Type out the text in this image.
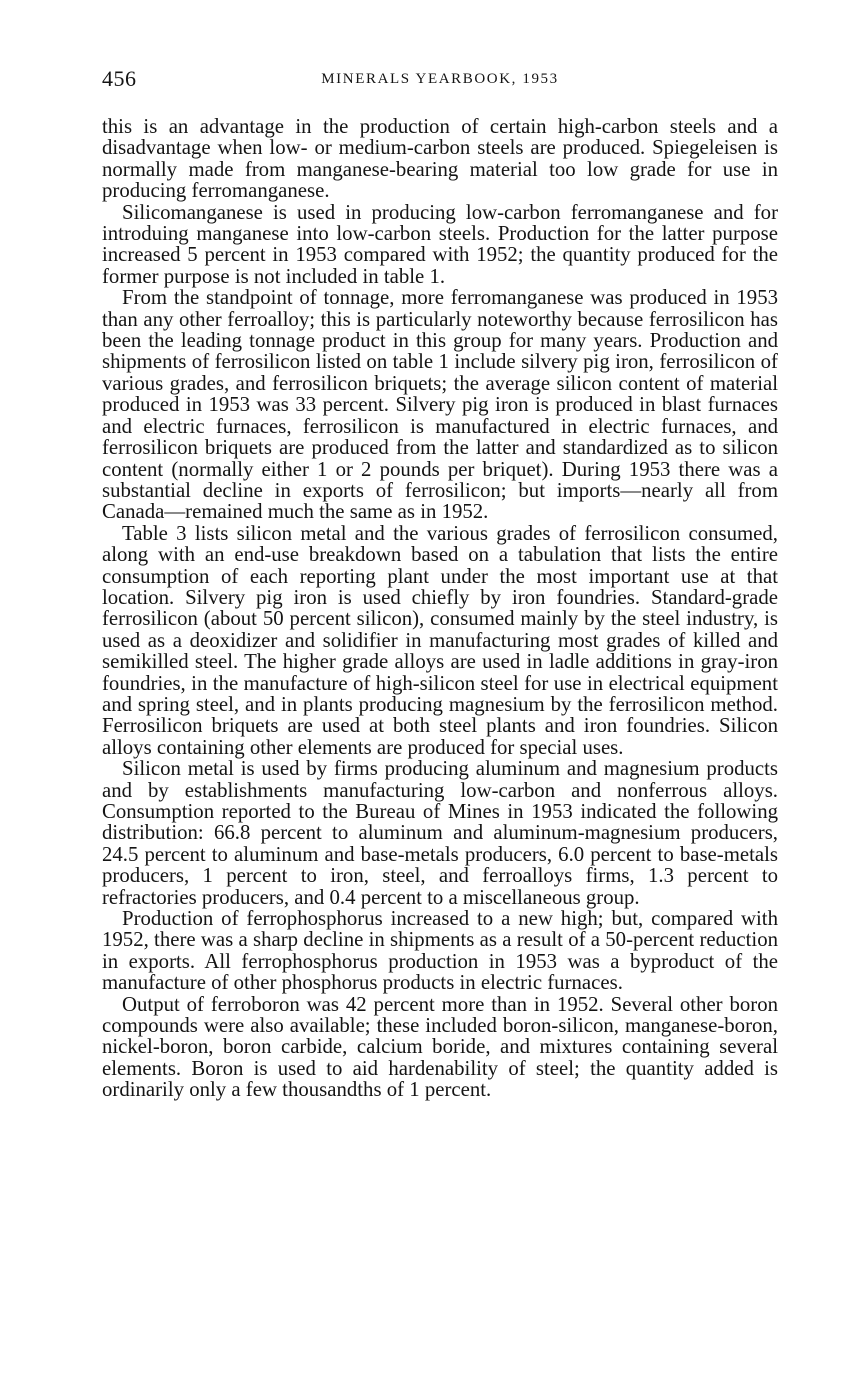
456	MINERALS YEARBOOK, 1953

this is an advantage in the production of certain high-carbon steels and a disadvantage when low- or medium-carbon steels are produced. Spiegeleisen is normally made from manganese-bearing material too low grade for use in producing ferromanganese.

Silicomanganese is used in producing low-carbon ferromanganese and for introduing manganese into low-carbon steels. Production for the latter purpose increased 5 percent in 1953 compared with 1952; the quantity produced for the former purpose is not included in table 1.

From the standpoint of tonnage, more ferromanganese was produced in 1953 than any other ferroalloy; this is particularly noteworthy because ferrosilicon has been the leading tonnage product in this group for many years. Production and shipments of ferrosilicon listed on table 1 include silvery pig iron, ferrosilicon of various grades, and ferrosilicon briquets; the average silicon content of material produced in 1953 was 33 percent. Silvery pig iron is produced in blast furnaces and electric furnaces, ferrosilicon is manufactured in electric furnaces, and ferrosilicon briquets are produced from the latter and standardized as to silicon content (normally either 1 or 2 pounds per briquet). During 1953 there was a substantial decline in exports of ferrosilicon; but imports—nearly all from Canada—remained much the same as in 1952.

Table 3 lists silicon metal and the various grades of ferrosilicon consumed, along with an end-use breakdown based on a tabulation that lists the entire consumption of each reporting plant under the most important use at that location. Silvery pig iron is used chiefly by iron foundries. Standard-grade ferrosilicon (about 50 percent silicon), consumed mainly by the steel industry, is used as a deoxidizer and solidifier in manufacturing most grades of killed and semikilled steel. The higher grade alloys are used in ladle additions in gray-iron foundries, in the manufacture of high-silicon steel for use in electrical equipment and spring steel, and in plants producing magnesium by the ferrosilicon method. Ferrosilicon briquets are used at both steel plants and iron foundries. Silicon alloys containing other elements are produced for special uses.

Silicon metal is used by firms producing aluminum and magnesium products and by establishments manufacturing low-carbon and nonferrous alloys. Consumption reported to the Bureau of Mines in 1953 indicated the following distribution: 66.8 percent to aluminum and aluminum-magnesium producers, 24.5 percent to aluminum and base-metals producers, 6.0 percent to base-metals producers, 1 percent to iron, steel, and ferroalloys firms, 1.3 percent to refractories producers, and 0.4 percent to a miscellaneous group.

Production of ferrophosphorus increased to a new high; but, compared with 1952, there was a sharp decline in shipments as a result of a 50-percent reduction in exports. All ferrophosphorus production in 1953 was a byproduct of the manufacture of other phosphorus products in electric furnaces.

Output of ferroboron was 42 percent more than in 1952. Several other boron compounds were also available; these included boron-silicon, manganese-boron, nickel-boron, boron carbide, calcium boride, and mixtures containing several elements. Boron is used to aid hardenability of steel; the quantity added is ordinarily only a few thousandths of 1 percent.
